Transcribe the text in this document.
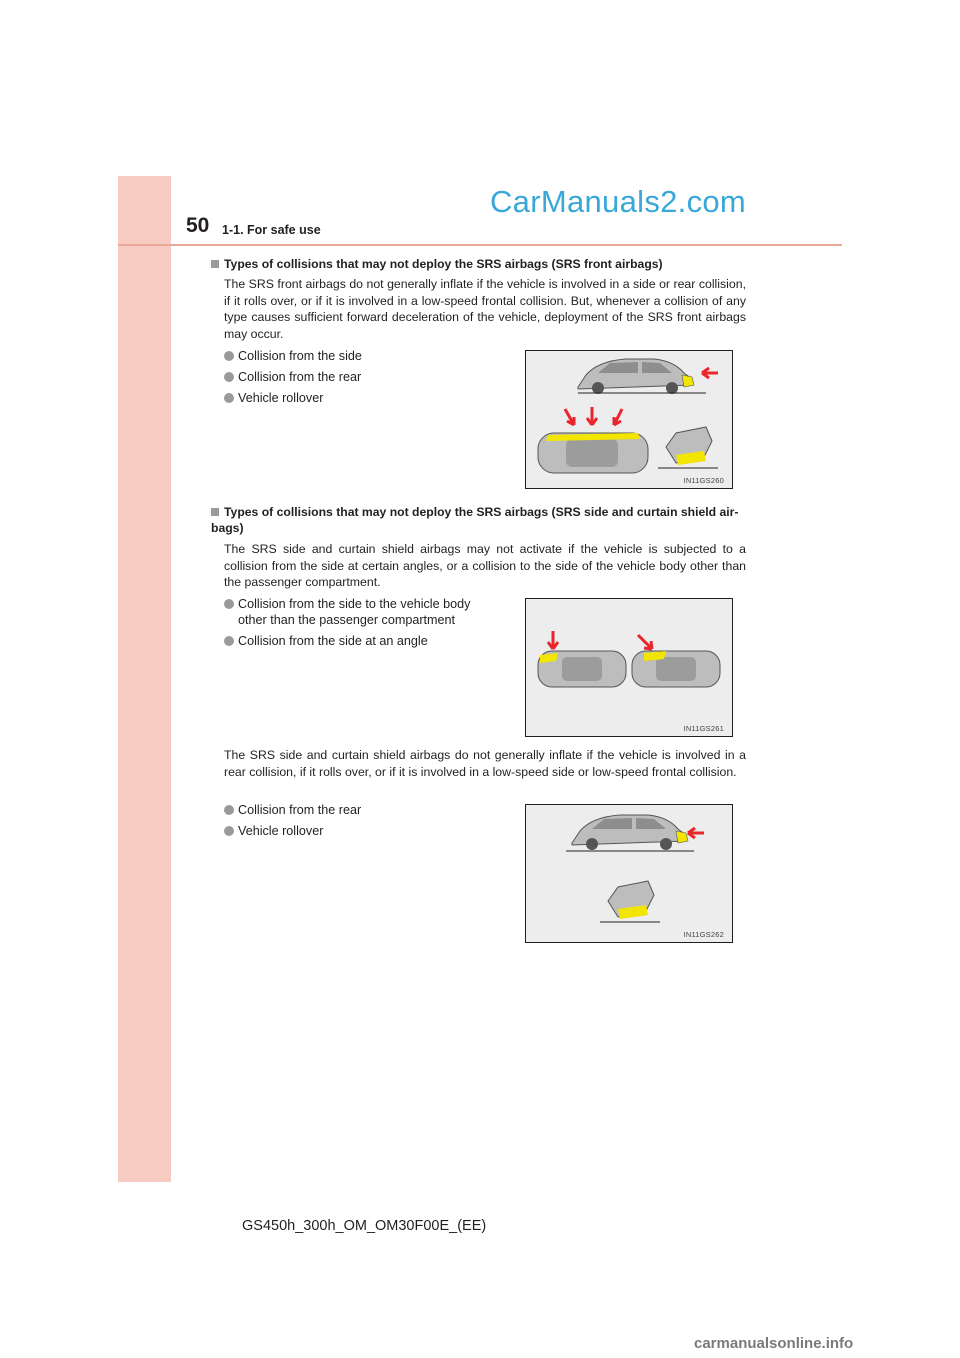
50 1-1. For safe use
CarManuals2.com
Types of collisions that may not deploy the SRS airbags (SRS front airbags)
The SRS front airbags do not generally inflate if the vehicle is involved in a side or rear collision, if it rolls over, or if it is involved in a low-speed frontal collision. But, whenever a collision of any type causes sufficient forward deceleration of the vehicle, deployment of the SRS front airbags may occur.
Collision from the side
Collision from the rear
Vehicle rollover
IN11GS260
Types of collisions that may not deploy the SRS airbags (SRS side and curtain shield air-bags)
The SRS side and curtain shield airbags may not activate if the vehicle is subjected to a collision from the side at certain angles, or a collision to the side of the vehicle body other than the passenger compartment.
Collision from the side to the vehicle body
other than the passenger compartment
Collision from the side at an angle
IN11GS261
The SRS side and curtain shield airbags do not generally inflate if the vehicle is involved in a rear collision, if it rolls over, or if it is involved in a low-speed side or low-speed frontal collision.
Collision from the rear
Vehicle rollover
IN11GS262
GS450h_300h_OM_OM30F00E_(EE)
carmanualsonline.info
